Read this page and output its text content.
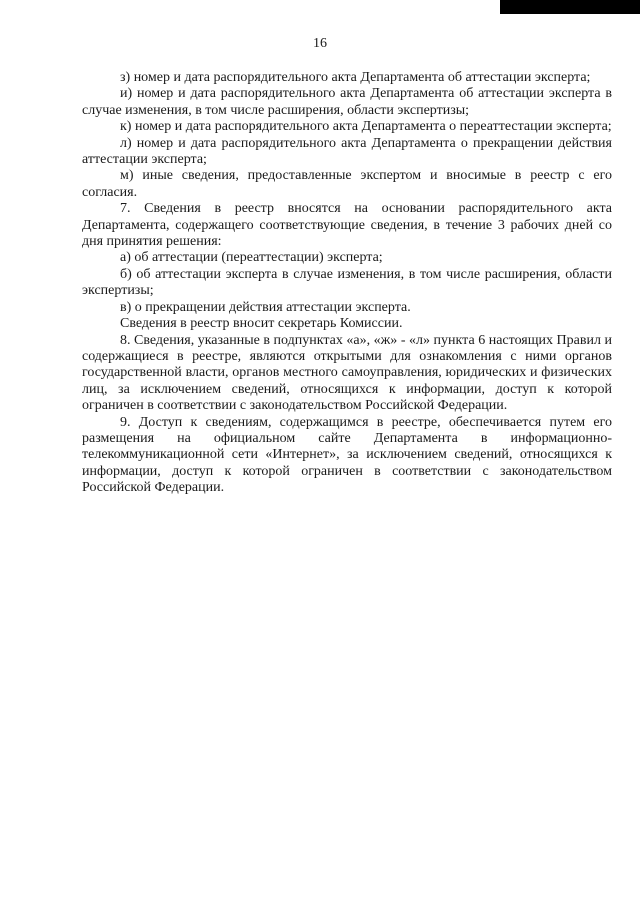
16

з) номер и дата распорядительного акта Департамента об аттестации эксперта;

и) номер и дата распорядительного акта Департамента об аттестации эксперта в случае изменения, в том числе расширения, области экспертизы;

к) номер и дата распорядительного акта Департамента о переаттестации эксперта;

л) номер и дата распорядительного акта Департамента о прекращении действия аттестации эксперта;

м) иные сведения, предоставленные экспертом и вносимые в реестр с его согласия.

7. Сведения в реестр вносятся на основании распорядительного акта Департамента, содержащего соответствующие сведения, в течение 3 рабочих дней со дня принятия решения:

а) об аттестации (переаттестации) эксперта;

б) об аттестации эксперта в случае изменения, в том числе расширения, области экспертизы;

в) о прекращении действия аттестации эксперта.

Сведения в реестр вносит секретарь Комиссии.

8. Сведения, указанные в подпунктах «а», «ж» - «л» пункта 6 настоящих Правил и содержащиеся в реестре, являются открытыми для ознакомления с ними органов государственной власти, органов местного самоуправления, юридических и физических лиц, за исключением сведений, относящихся к информации, доступ к которой ограничен в соответствии с законодательством Российской Федерации.

9. Доступ к сведениям, содержащимся в реестре, обеспечивается путем его размещения на официальном сайте Департамента в информационно-телекоммуникационной сети «Интернет», за исключением сведений, относящихся к информации, доступ к которой ограничен в соответствии с законодательством Российской Федерации.
